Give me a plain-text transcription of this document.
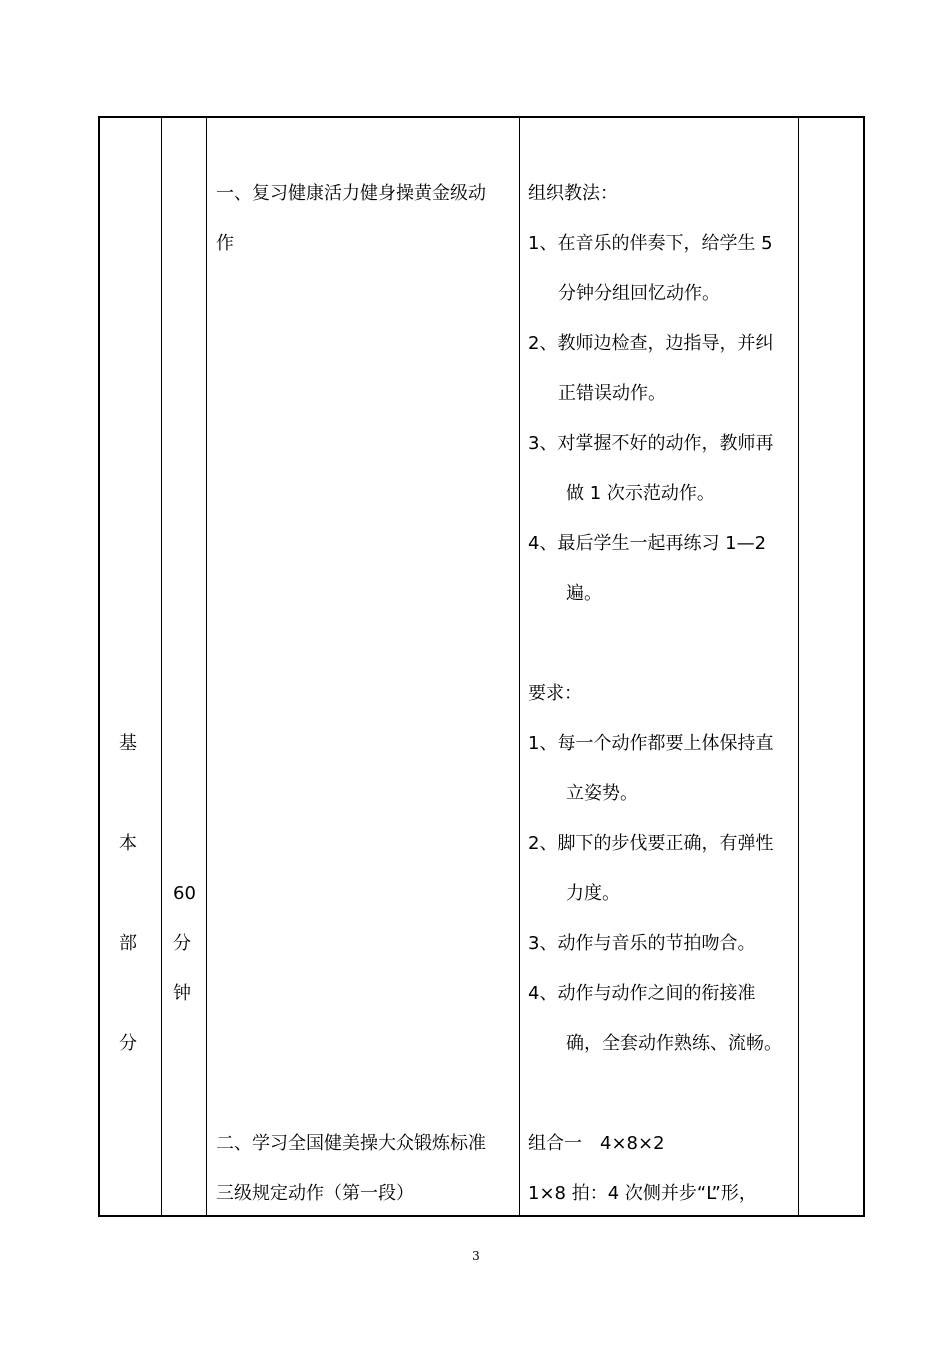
基
本
部
分
60
分
钟
一、复习健康活力健身操黄金级动
作
二、学习全国健美操大众锻炼标准
三级规定动作（第一段）
组织教法：
1、在音乐的伴奏下，给学生 5
分钟分组回忆动作。
2、教师边检查，边指导，并纠
正错误动作。
3、对掌握不好的动作，教师再
做 1 次示范动作。
4、最后学生一起再练习 1—2
遍。
要求：
1、每一个动作都要上体保持直
立姿势。
2、脚下的步伐要正确，有弹性
力度。
3、动作与音乐的节拍吻合。
4、动作与动作之间的衔接准
确，全套动作熟练、流畅。
组合一　4×8×2
1×8 拍：4 次侧并步“L”形，
3
